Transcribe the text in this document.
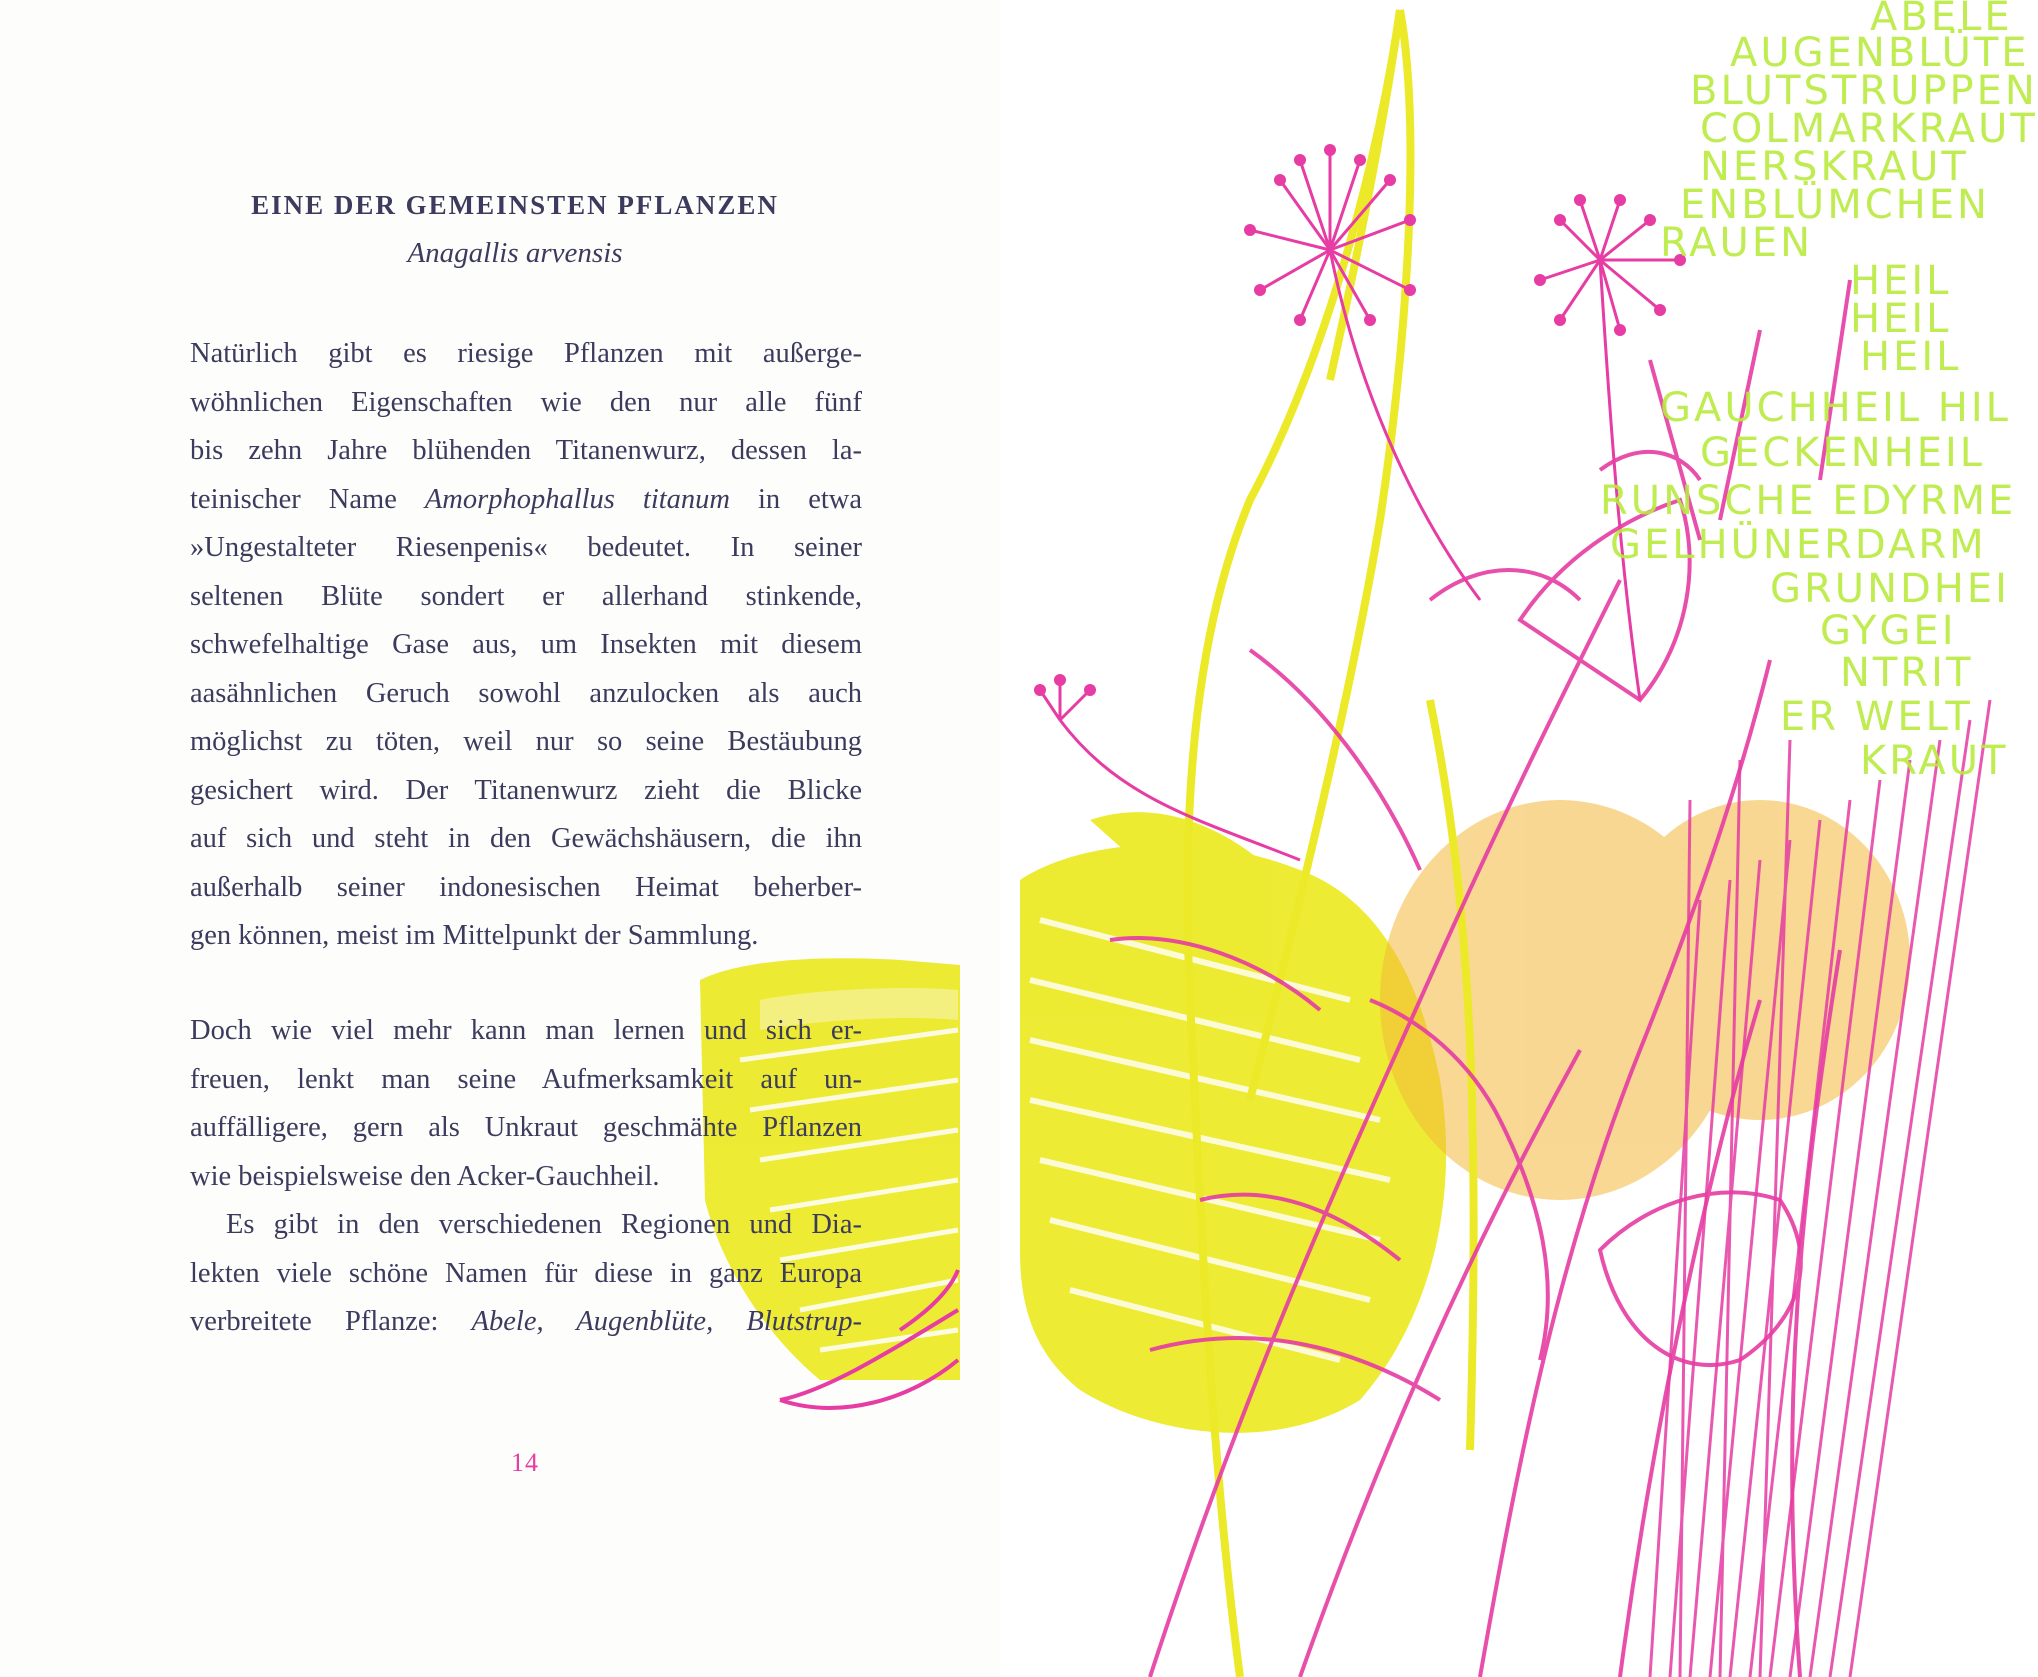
EINE DER GEMEINSTEN PFLANZEN
Anagallis arvensis
Natürlich gibt es riesige Pflanzen mit außerge-
wöhnlichen Eigenschaften wie den nur alle fünf
bis zehn Jahre blühenden Titanenwurz, dessen la-
teinischer Name Amorphophallus titanum in etwa
»Ungestalteter Riesenpenis« bedeutet. In seiner
seltenen Blüte sondert er allerhand stinkende,
schwefelhaltige Gase aus, um Insekten mit diesem
aasähnlichen Geruch sowohl anzulocken als auch
möglichst zu töten, weil nur so seine Bestäubung
gesichert wird. Der Titanenwurz zieht die Blicke
auf sich und steht in den Gewächshäusern, die ihn
außerhalb seiner indonesischen Heimat beherber-
gen können, meist im Mittelpunkt der Sammlung.
Doch wie viel mehr kann man lernen und sich er-
freuen, lenkt man seine Aufmerksamkeit auf un-
auffälligere, gern als Unkraut geschmähte Pflanzen
wie beispielsweise den Acker-Gauchheil.
Es gibt in den verschiedenen Regionen und Dia-
lekten viele schöne Namen für diese in ganz Europa
verbreitete Pflanze: Abele, Augenblüte, Blutstrup-
14
ABELE
AUGENBLÜTE
BLUTSTRUPPEN
COLMARKRAUT
NERSKRAUT
ENBLÜMCHEN
RAUEN
HEIL
HEIL
HEIL
GAUCHHEIL HIL
GECKENHEIL
RUNSCHE EDYRME
GELHÜNERDARM
GRUNDHEI
GYGEI
NTRIT
ER WELT
KRAUT
